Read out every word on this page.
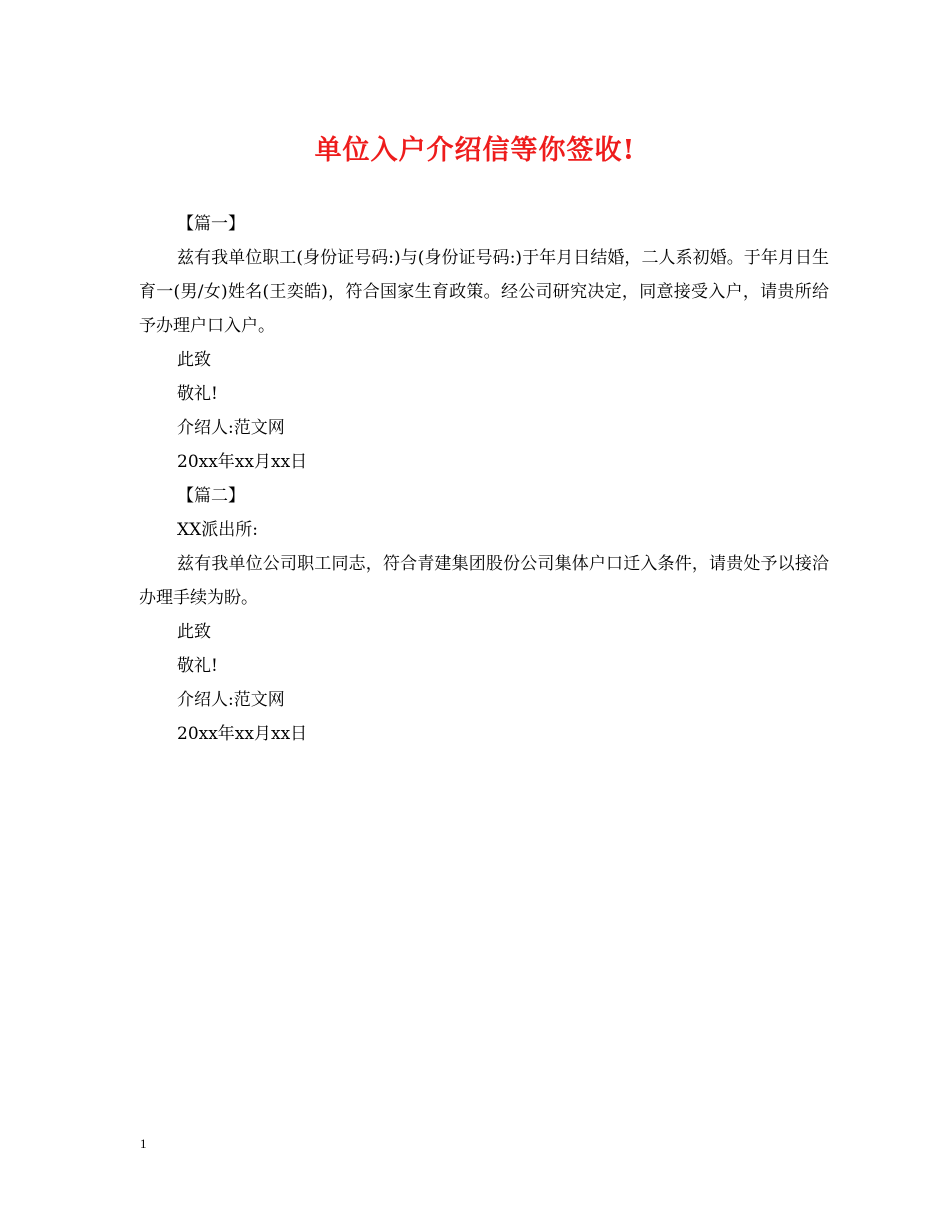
单位入户介绍信等你签收!
【篇一】
兹有我单位职工(身份证号码:)与(身份证号码:)于年月日结婚，二人系初婚。于年月日生育一(男/女)姓名(王奕皓)，符合国家生育政策。经公司研究决定，同意接受入户，请贵所给予办理户口入户。
此致
敬礼!
介绍人:范文网
20xx年xx月xx日
【篇二】
XX派出所:
兹有我单位公司职工同志，符合青建集团股份公司集体户口迁入条件，请贵处予以接洽办理手续为盼。
此致
敬礼!
介绍人:范文网
20xx年xx月xx日
1
